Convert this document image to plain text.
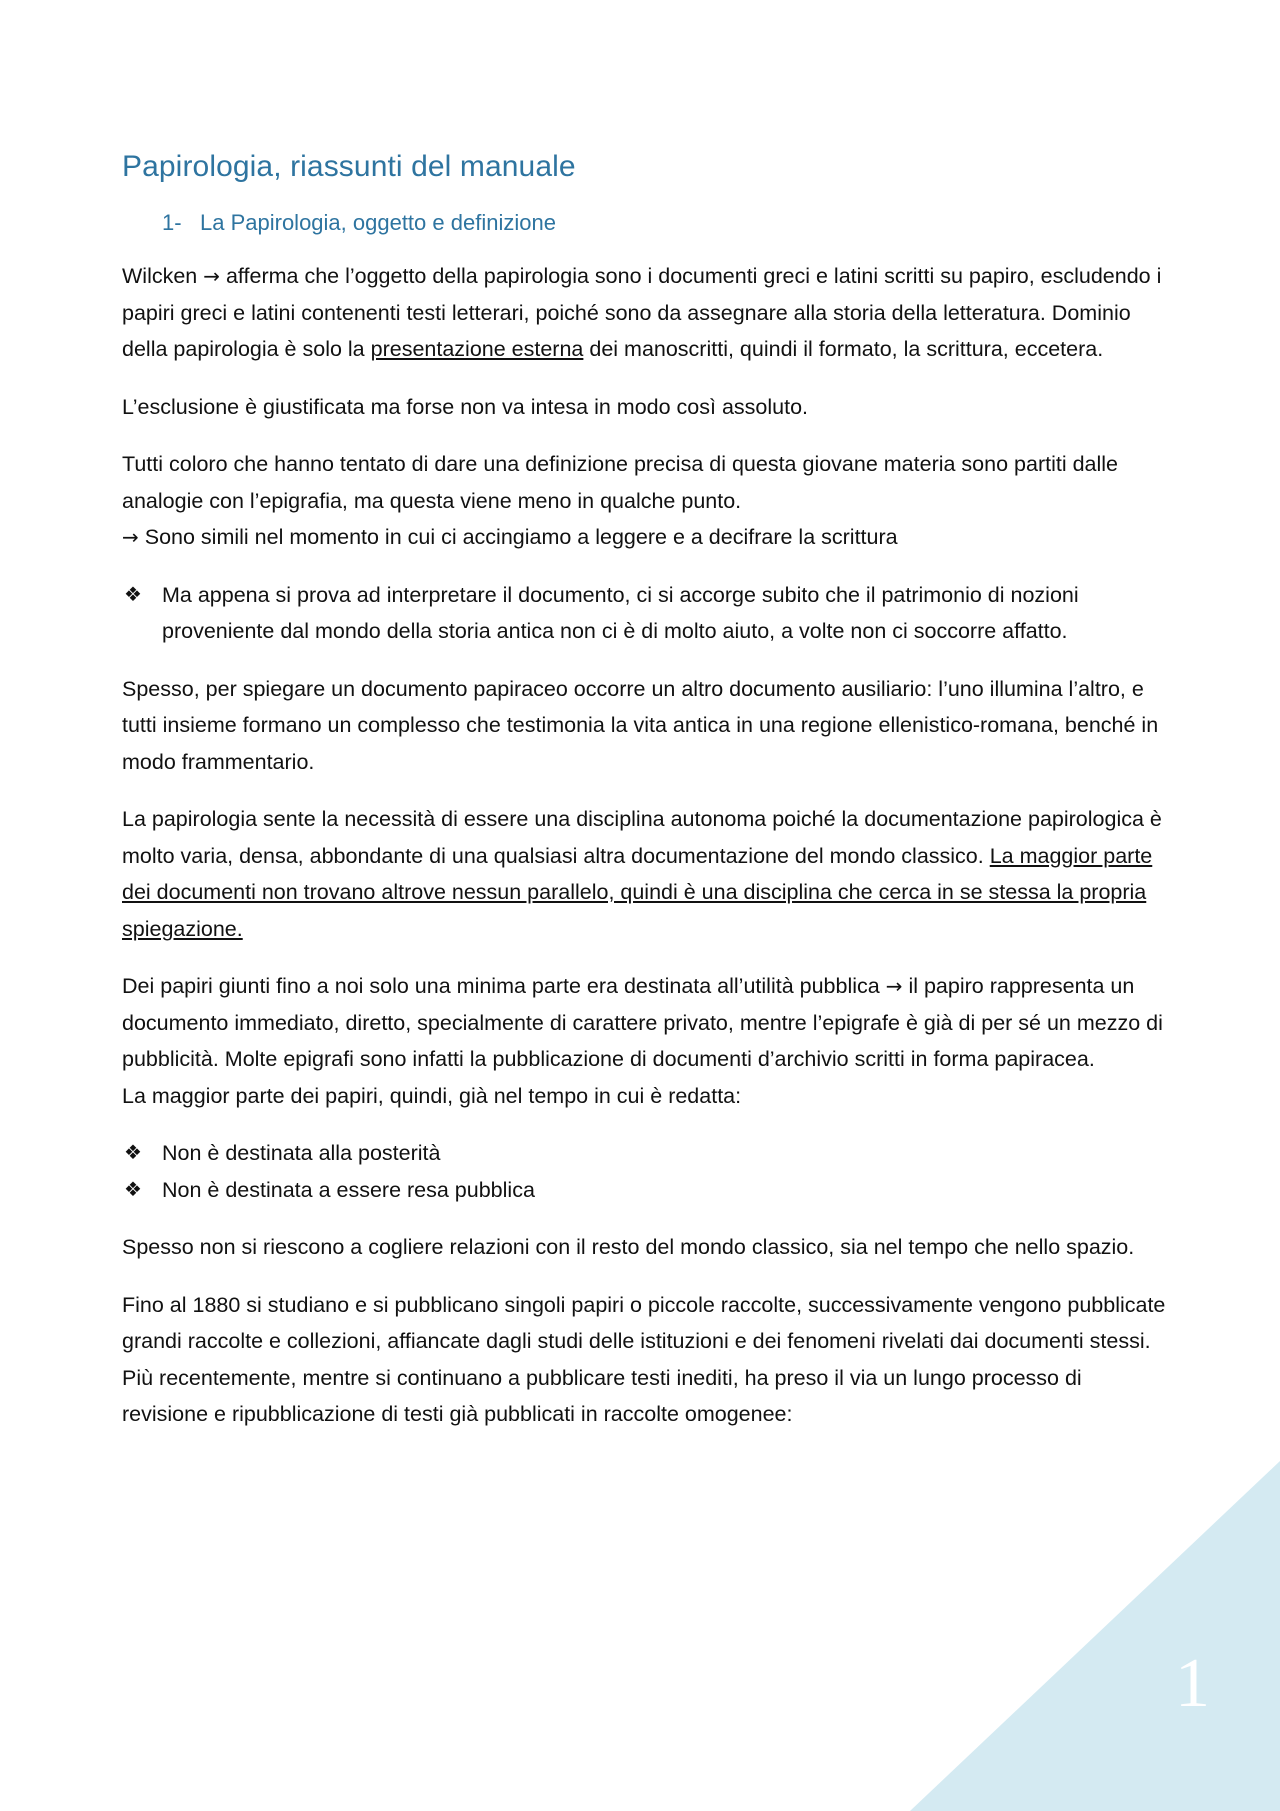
Papirologia, riassunti del manuale
1- La Papirologia, oggetto e definizione

Wilcken → afferma che l’oggetto della papirologia sono i documenti greci e latini scritti su papiro, escludendo i papiri greci e latini contenenti testi letterari, poiché sono da assegnare alla storia della letteratura. Dominio della papirologia è solo la presentazione esterna dei manoscritti, quindi il formato, la scrittura, eccetera.

L’esclusione è giustificata ma forse non va intesa in modo così assoluto.

Tutti coloro che hanno tentato di dare una definizione precisa di questa giovane materia sono partiti dalle analogie con l’epigrafia, ma questa viene meno in qualche punto.
→ Sono simili nel momento in cui ci accingiamo a leggere e a decifrare la scrittura

❖ Ma appena si prova ad interpretare il documento, ci si accorge subito che il patrimonio di nozioni proveniente dal mondo della storia antica non ci è di molto aiuto, a volte non ci soccorre affatto.

Spesso, per spiegare un documento papiraceo occorre un altro documento ausiliario: l’uno illumina l’altro, e tutti insieme formano un complesso che testimonia la vita antica in una regione ellenistico-romana, benché in modo frammentario.

La papirologia sente la necessità di essere una disciplina autonoma poiché la documentazione papirologica è molto varia, densa, abbondante di una qualsiasi altra documentazione del mondo classico. La maggior parte dei documenti non trovano altrove nessun parallelo, quindi è una disciplina che cerca in se stessa la propria spiegazione.

Dei papiri giunti fino a noi solo una minima parte era destinata all’utilità pubblica → il papiro rappresenta un documento immediato, diretto, specialmente di carattere privato, mentre l’epigrafe è già di per sé un mezzo di pubblicità. Molte epigrafi sono infatti la pubblicazione di documenti d’archivio scritti in forma papiracea.
La maggior parte dei papiri, quindi, già nel tempo in cui è redatta:

❖ Non è destinata alla posterità
❖ Non è destinata a essere resa pubblica

Spesso non si riescono a cogliere relazioni con il resto del mondo classico, sia nel tempo che nello spazio.

Fino al 1880 si studiano e si pubblicano singoli papiri o piccole raccolte, successivamente vengono pubblicate grandi raccolte e collezioni, affiancate dagli studi delle istituzioni e dei fenomeni rivelati dai documenti stessi. Più recentemente, mentre si continuano a pubblicare testi inediti, ha preso il via un lungo processo di revisione e ripubblicazione di testi già pubblicati in raccolte omogenee:

1
